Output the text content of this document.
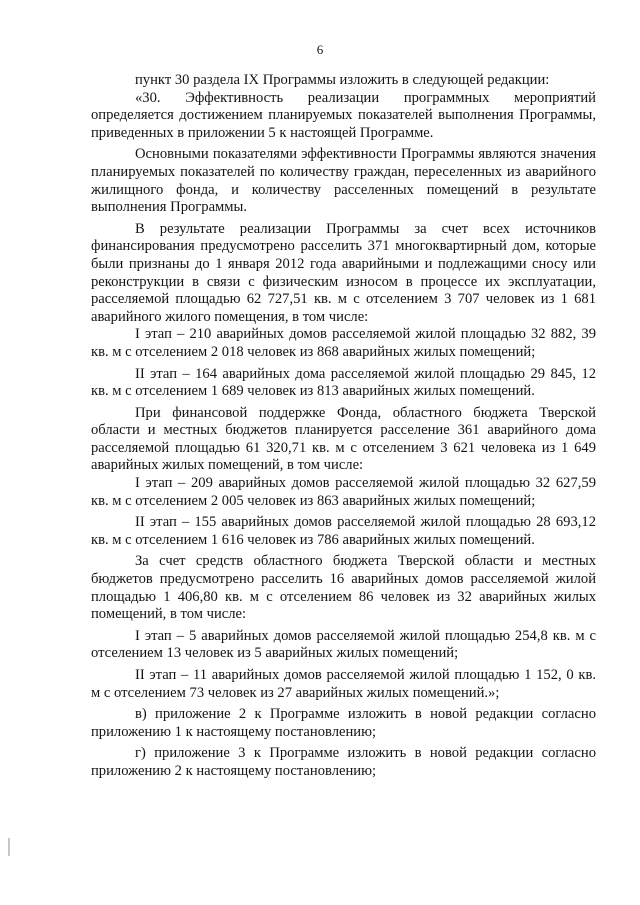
6

пункт 30 раздела IX Программы изложить в следующей редакции:

«30. Эффективность реализации программных мероприятий определяется достижением планируемых показателей выполнения Программы, приведенных в приложении 5 к настоящей Программе.

Основными показателями эффективности Программы являются значения планируемых показателей по количеству граждан, переселенных из аварийного жилищного фонда, и количеству расселенных помещений в результате выполнения Программы.

В результате реализации Программы за счет всех источников финансирования предусмотрено расселить 371 многоквартирный дом, которые были признаны до 1 января 2012 года аварийными и подлежащими сносу или реконструкции в связи с физическим износом в процессе их эксплуатации, расселяемой площадью 62 727,51 кв. м с отселением 3 707 человек из 1 681 аварийного жилого помещения, в том числе:

I этап – 210 аварийных домов расселяемой жилой площадью 32 882, 39 кв. м с отселением 2 018 человек из 868 аварийных жилых помещений;

II этап – 164 аварийных дома расселяемой жилой площадью 29 845, 12 кв. м с отселением 1 689 человек из 813 аварийных жилых помещений.

При финансовой поддержке Фонда, областного бюджета Тверской области и местных бюджетов планируется расселение 361 аварийного дома расселяемой площадью 61 320,71 кв. м с отселением 3 621 человека из 1 649 аварийных жилых помещений, в том числе:

I этап – 209 аварийных домов расселяемой жилой площадью 32 627,59 кв. м с отселением 2 005 человек из 863 аварийных жилых помещений;

II этап – 155 аварийных домов расселяемой жилой площадью 28 693,12 кв. м с отселением 1 616 человек из 786 аварийных жилых помещений.

За счет средств областного бюджета Тверской области и местных бюджетов предусмотрено расселить 16 аварийных домов расселяемой жилой площадью 1 406,80 кв. м с отселением 86 человек из 32 аварийных жилых помещений, в том числе:

I этап – 5 аварийных домов расселяемой жилой площадью 254,8 кв. м с отселением 13 человек из 5 аварийных жилых помещений;

II этап – 11 аварийных домов расселяемой жилой площадью 1 152, 0 кв. м с отселением 73 человек из 27 аварийных жилых помещений.»;

в) приложение 2 к Программе изложить в новой редакции согласно приложению 1 к настоящему постановлению;

г) приложение 3 к Программе изложить в новой редакции согласно приложению 2 к настоящему постановлению;
